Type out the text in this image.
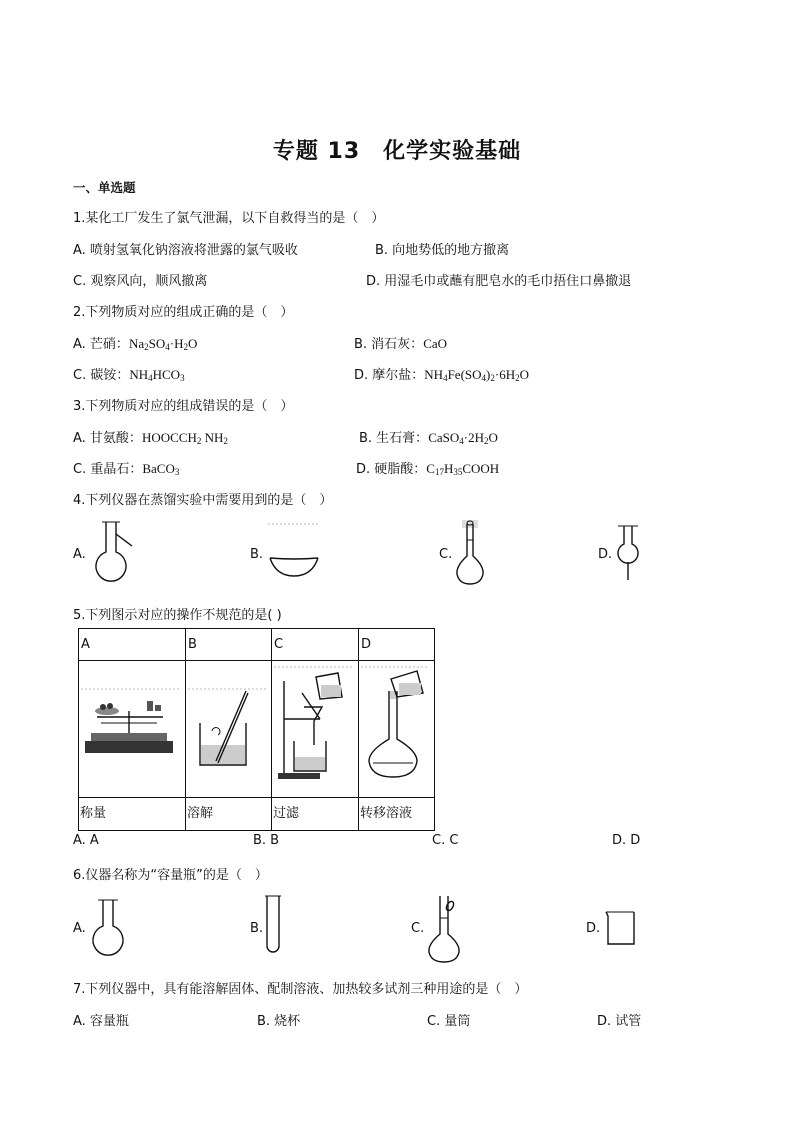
专题 13　化学实验基础
一、单选题
1.某化工厂发生了氯气泄漏，以下自救得当的是（　）
A. 喷射氢氧化钠溶液将泄露的氯气吸收	B. 向地势低的地方撤离
C. 观察风向，顺风撤离	D. 用湿毛巾或蘸有肥皂水的毛巾捂住口鼻撤退
2.下列物质对应的组成正确的是（　）
A. 芒硝：$Na_2SO_4\cdot H_2O$	B. 消石灰：CaO
C. 碳铵：$NH_4HCO_3$	D. 摩尔盐：$NH_4Fe(SO_4)_2\cdot 6H_2O$
3.下列物质对应的组成错误的是（　）
A. 甘氨酸：$HOOCCH_2$ $NH_2$	B. 生石膏：$CaSO_4\cdot 2H_2O$
C. 重晶石：BaCO$_3$	D. 硬脂酸：$C_{17}H_{35}COOH$
4.下列仪器在蒸馏实验中需要用到的是（　）
A.	B.	C.	D.
5.下列图示对应的操作不规范的是( )
A	B	C	D

称量	溶解	过滤	转移溶液
A. A	B. B	C. C	D. D
6.仪器名称为“容量瓶”的是（　）
A.	B.	C.	D.
7.下列仪器中，具有能溶解固体、配制溶液、加热较多试剂三种用途的是（　）
A. 容量瓶	B. 烧杯	C. 量筒	D. 试管
